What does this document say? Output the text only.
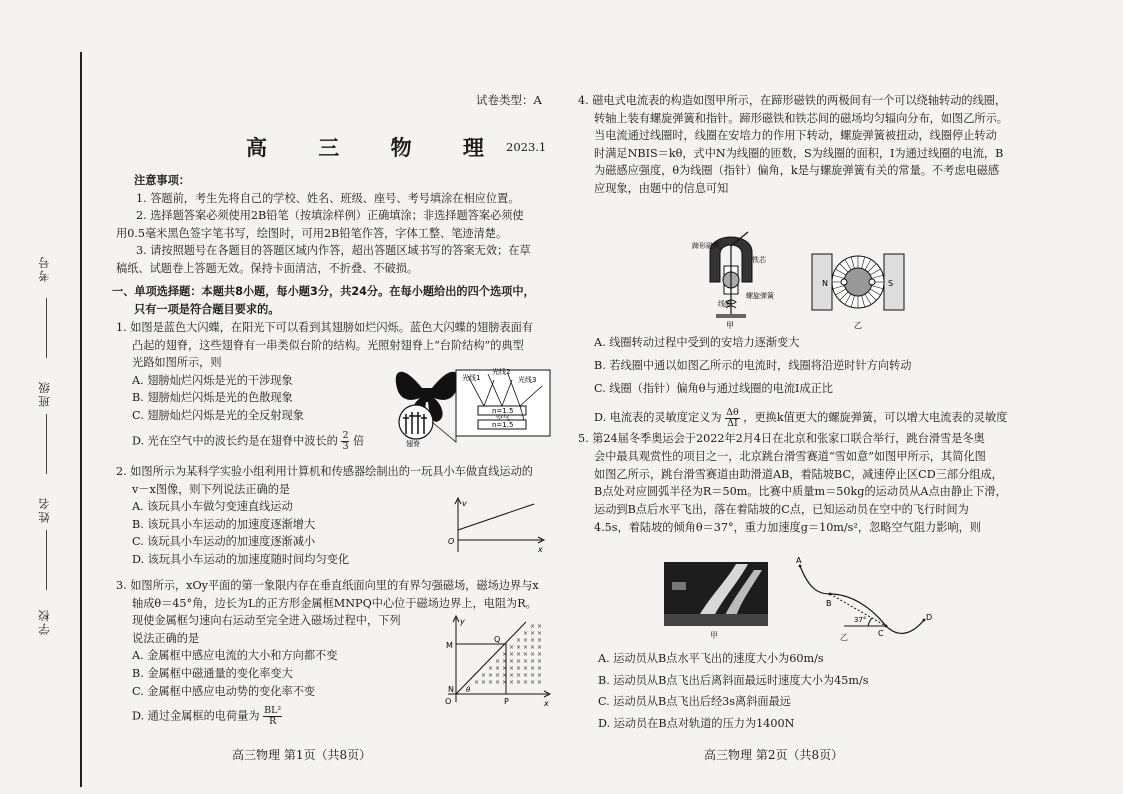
考号
班级
姓名
学校
试卷类型：A
高 三 物 理 2023.1

注意事项：

1. 答题前，考生先将自己的学校、姓名、班级、座号、考号填涂在相应位置。

2. 选择题答案必须使用2B铅笔（按填涂样例）正确填涂；非选择题答案必须使

用0.5毫米黑色签字笔书写，绘图时，可用2B铅笔作答，字体工整、笔迹清楚。

3. 请按照题号在各题目的答题区域内作答，超出答题区域书写的答案无效；在草

稿纸、试题卷上答题无效。保持卡面清洁，不折叠、不破损。

一、单项选择题：本题共8小题，每小题3分，共24分。在每小题给出的四个选项中，

只有一项是符合题目要求的。

1. 如图是蓝色大闪蝶，在阳光下可以看到其翅膀如烂闪烁。蓝色大闪蝶的翅膀表面有

凸起的翅脊，这些翅脊有一串类似台阶的结构。光照射翅脊上“台阶结构”的典型

光路如图所示，则

A. 翅膀灿烂闪烁是光的干涉现象

B. 翅膀灿烂闪烁是光的色散现象

C. 翅膀灿烂闪烁是光的全反射现象

D. 光在空气中的波长约是在翅脊中波长的 $\frac{2}{3}$ 倍	翅脊
光线1
光线2
光线3
n=1.5
空气
n=1.5

2. 如图所示为某科学实验小组利用计算机和传感器绘制出的一玩具小车做直线运动的

v－x图像，则下列说法正确的是

A. 该玩具小车做匀变速直线运动

B. 该玩具小车运动的加速度逐渐增大

C. 该玩具小车运动的加速度逐渐减小

D. 该玩具小车运动的加速度随时间均匀变化

v
O
x

3. 如图所示，xOy平面的第一象限内存在垂直纸面向里的有界匀强磁场，磁场边界与x

轴成θ＝45°角，边长为L的正方形金属框MNPQ中心位于磁场边界上，电阻为R。

现使金属框匀速向右运动至完全进入磁场过程中，下列

说法正确的是

A. 金属框中感应电流的大小和方向都不变

B. 金属框中磁通量的变化率变大

C. 金属框中感应电动势的变化率不变

D. 通过金属框的电荷量为 $\frac{\text{BL²}}{R}$

× ×
× × ×
× × × ×
× × × × ×
× × × × × ×
× × × × × × ×
× × × × × × × ×
× × × × × × × × ×
× × × × × × × × × ×
y
Q
M
N
O	P	x
θ
高三物理 第1页（共8页）

4. 磁电式电流表的构造如图甲所示，在蹄形磁铁的两极间有一个可以绕轴转动的线圈，

转轴上装有螺旋弹簧和指针。蹄形磁铁和铁芯间的磁场均匀辐向分布，如图乙所示。

当电流通过线圈时，线圈在安培力的作用下转动，螺旋弹簧被扭动，线圈停止转动

时满足NBIS＝kθ，式中N为线圈的匝数，S为线圈的面积，I为通过线圈的电流，B

为磁感应强度，θ为线圈（指针）偏角，k是与螺旋弹簧有关的常量。不考虑电磁感

应现象，由题中的信息可知

蹄形磁铁
铁芯
线圈
螺旋弹簧
甲
N	S
乙

A. 线圈转动过程中受到的安培力逐渐变大

B. 若线圈中通以如图乙所示的电流时，线圈将沿逆时针方向转动

C. 线圈（指针）偏角θ与通过线圈的电流I成正比

D. 电流表的灵敏度定义为 $\frac{\Delta\theta}{\Delta I}$ ，更换k值更大的螺旋弹簧，可以增大电流表的灵敏度

5. 第24届冬季奥运会于2022年2月4日在北京和张家口联合举行，跳台滑雪是冬奥

会中最具观赏性的项目之一，北京跳台滑雪赛道“雪如意”如图甲所示，其简化图

如图乙所示，跳台滑雪赛道由助滑道AB，着陆坡BC，减速停止区CD三部分组成，

B点处对应圆弧半径为R＝50m。比赛中质量m＝50kg的运动员从A点由静止下滑，

运动到B点后水平飞出，落在着陆坡的C点，已知运动员在空中的飞行时间为

4.5s，着陆坡的倾角θ＝37°，重力加速度g＝10m/s²，忽略空气阻力影响，则

甲
A
B
C
D
37°
乙

A. 运动员从B点水平飞出的速度大小为60m/s

B. 运动员从B点飞出后离斜面最远时速度大小为45m/s

C. 运动员从B点飞出后经3s离斜面最远

D. 运动员在B点对轨道的压力为1400N

高三物理 第2页（共8页）
